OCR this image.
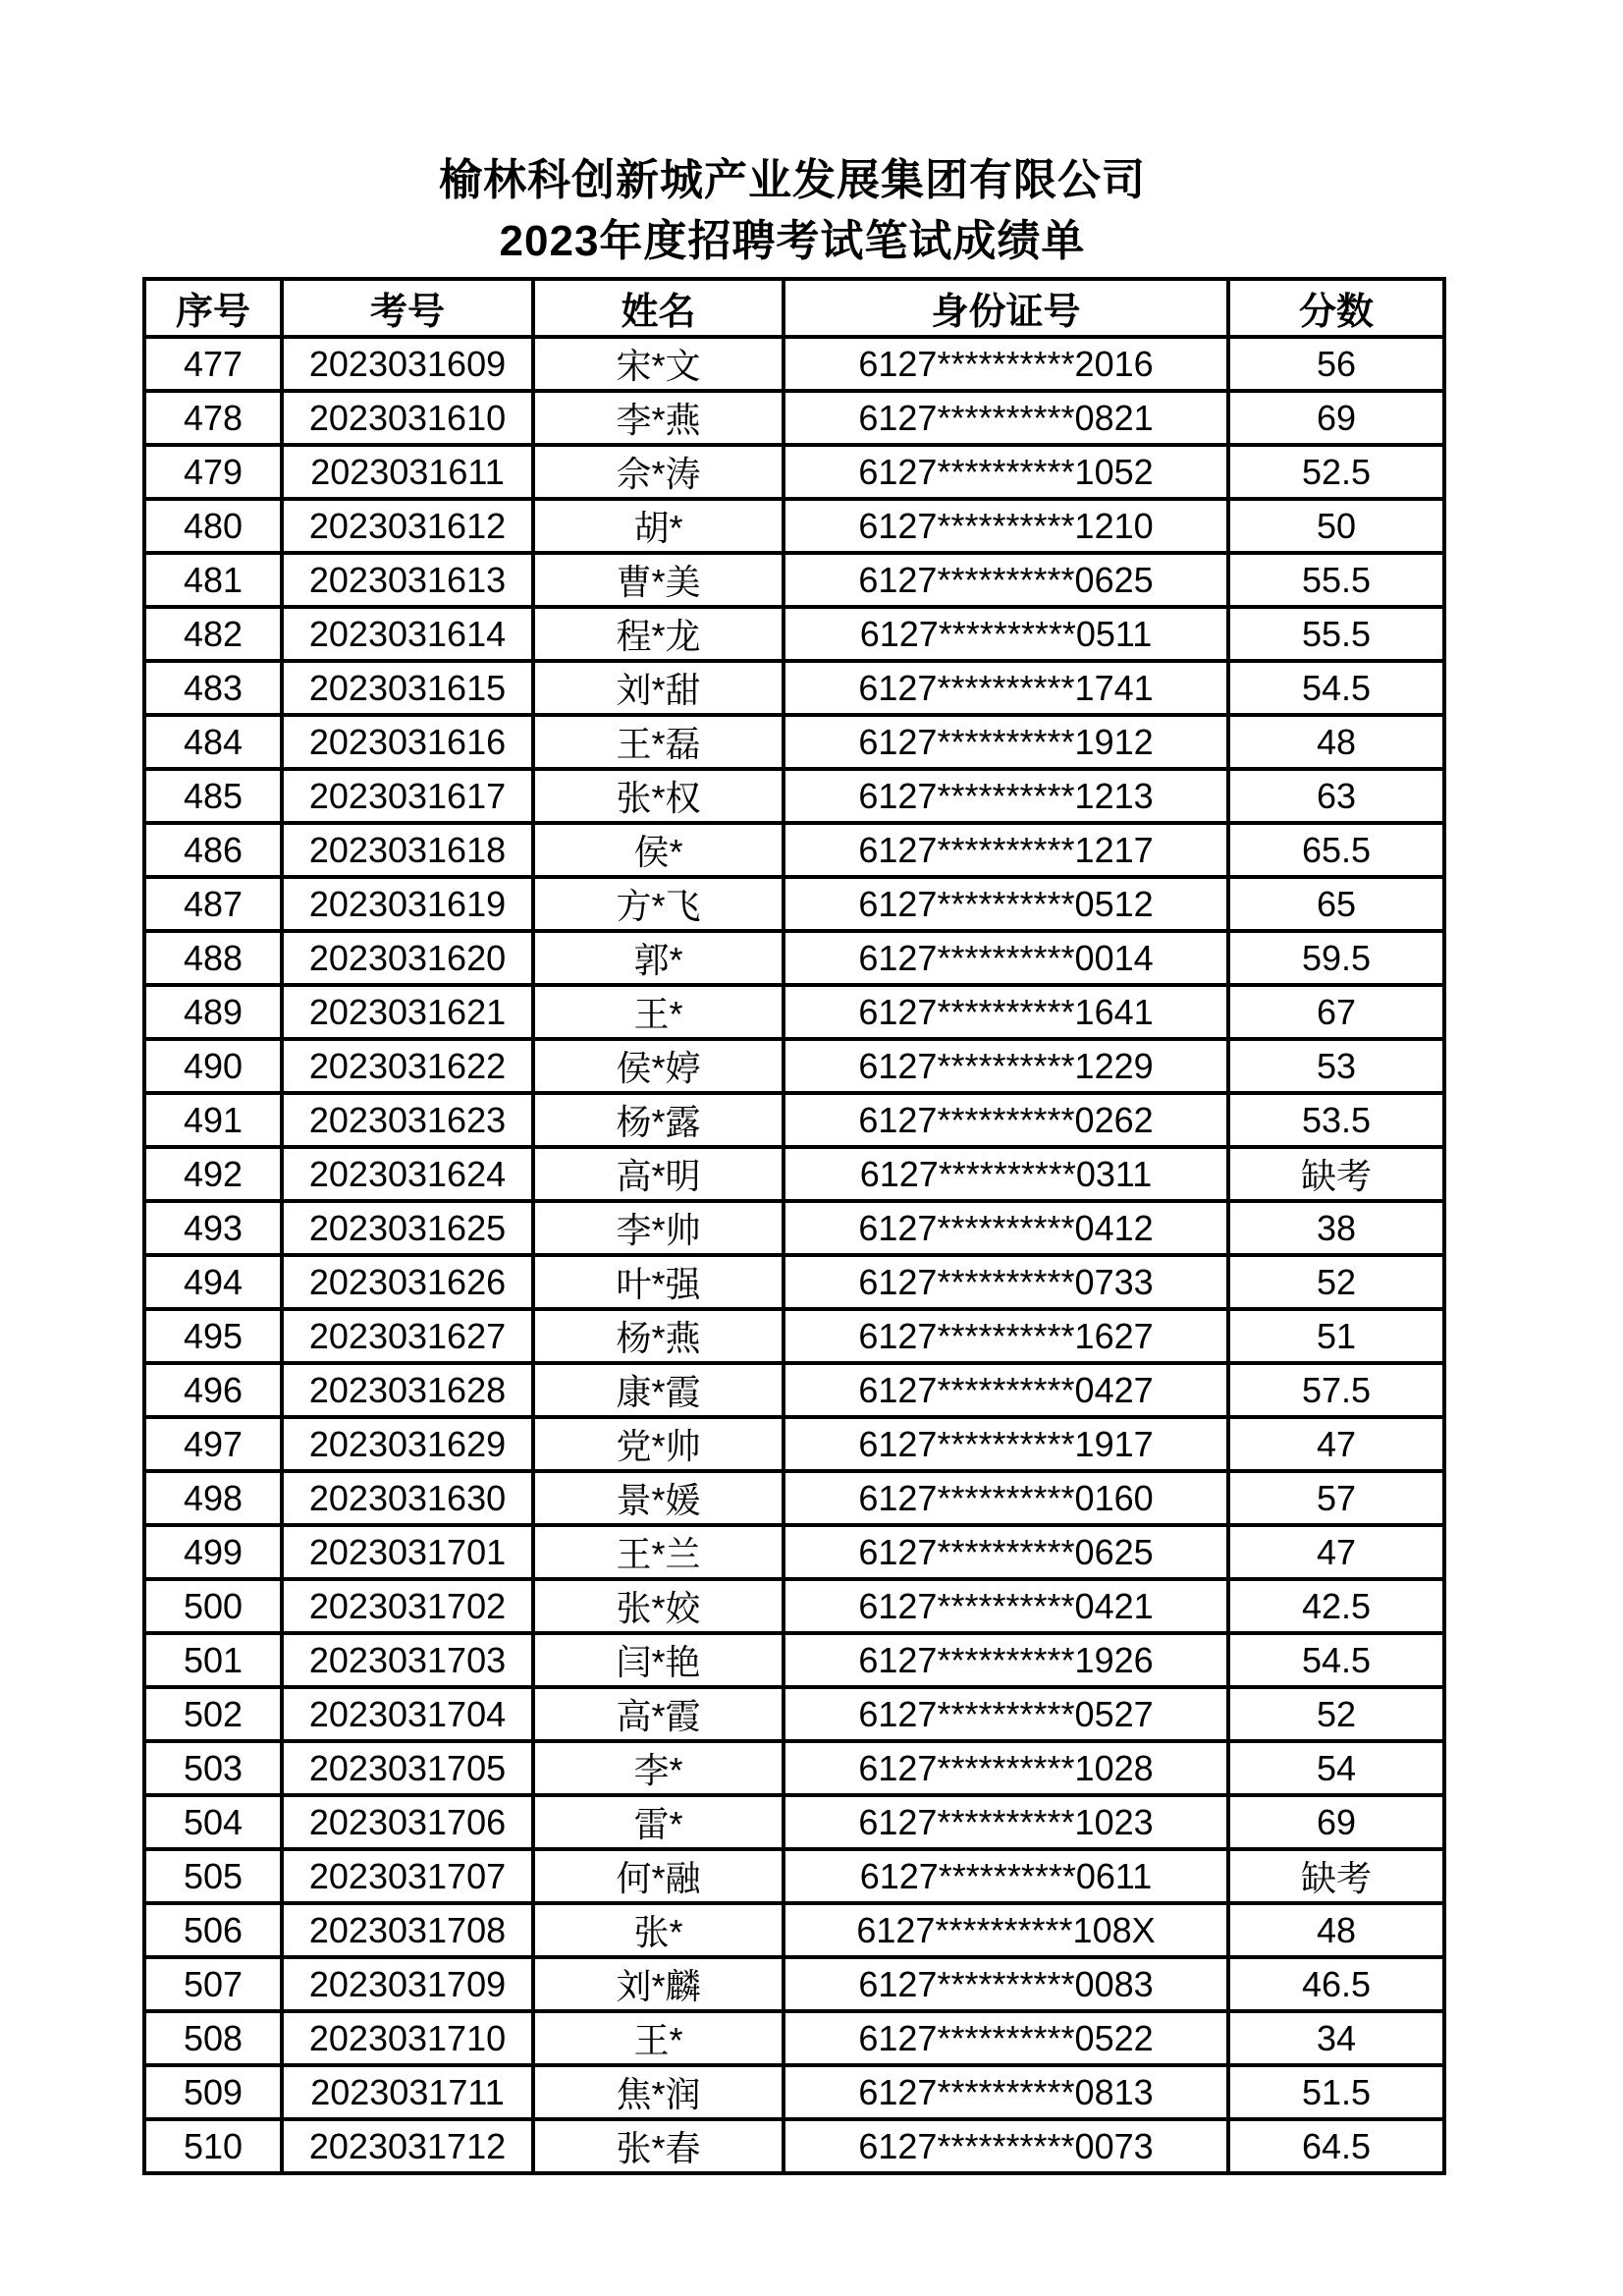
榆林科创新城产业发展集团有限公司
2023年度招聘考试笔试成绩单
序号	考号	姓名	身份证号	分数
477	2023031609	宋*文	6127**********2016	56
478	2023031610	李*燕	6127**********0821	69
479	2023031611	佘*涛	6127**********1052	52.5
480	2023031612	胡*	6127**********1210	50
481	2023031613	曹*美	6127**********0625	55.5
482	2023031614	程*龙	6127**********0511	55.5
483	2023031615	刘*甜	6127**********1741	54.5
484	2023031616	王*磊	6127**********1912	48
485	2023031617	张*权	6127**********1213	63
486	2023031618	侯*	6127**********1217	65.5
487	2023031619	方*飞	6127**********0512	65
488	2023031620	郭*	6127**********0014	59.5
489	2023031621	王*	6127**********1641	67
490	2023031622	侯*婷	6127**********1229	53
491	2023031623	杨*露	6127**********0262	53.5
492	2023031624	高*明	6127**********0311	缺考
493	2023031625	李*帅	6127**********0412	38
494	2023031626	叶*强	6127**********0733	52
495	2023031627	杨*燕	6127**********1627	51
496	2023031628	康*霞	6127**********0427	57.5
497	2023031629	党*帅	6127**********1917	47
498	2023031630	景*媛	6127**********0160	57
499	2023031701	王*兰	6127**********0625	47
500	2023031702	张*姣	6127**********0421	42.5
501	2023031703	闫*艳	6127**********1926	54.5
502	2023031704	高*霞	6127**********0527	52
503	2023031705	李*	6127**********1028	54
504	2023031706	雷*	6127**********1023	69
505	2023031707	何*融	6127**********0611	缺考
506	2023031708	张*	6127**********108X	48
507	2023031709	刘*麟	6127**********0083	46.5
508	2023031710	王*	6127**********0522	34
509	2023031711	焦*润	6127**********0813	51.5
510	2023031712	张*春	6127**********0073	64.5
